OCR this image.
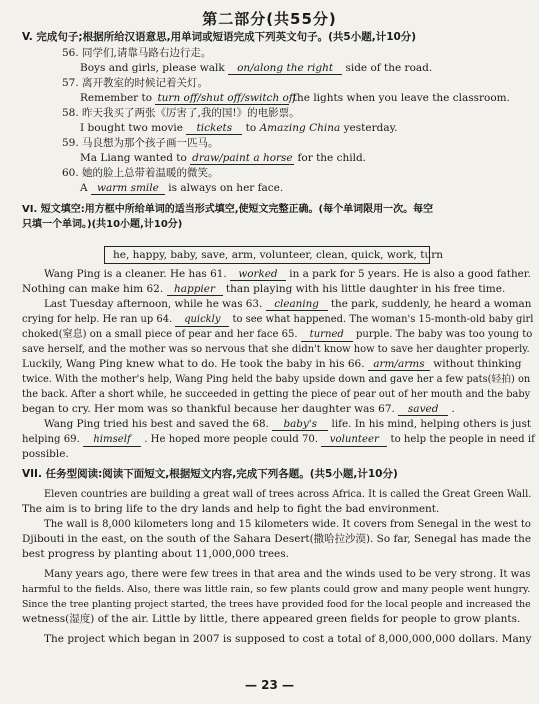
第二部分(共55分)
V. 完成句子;根据所给汉语意思,用单词或短语完成下列英文句子。(共5小题,计10分)
56. 同学们,请靠马路右边行走。
Boys and girls, please walk on/along the right side of the road.
57. 离开教室的时候记着关灯。
Remember to turn off/shut off/switch off the lights when you leave the classroom.
58. 昨天我买了两张《厉害了,我的国!》的电影票。
I bought two movie tickets to Amazing China yesterday.
59. 马良想为那个孩子画一匹马。
Ma Liang wanted to draw/paint a horse for the child.
60. 她的脸上总带着温暖的微笑。
A warm smile is always on her face.
VI. 短文填空:用方框中所给单词的适当形式填空,使短文完整正确。(每个单词限用一次。每空
只填一个单词。)(共10小题,计10分)
he, happy, baby, save, arm, volunteer, clean, quick, work, turn
Wang Ping is a cleaner. He has 61. worked in a park for 5 years. He is also a good father.
Nothing can make him 62. happier than playing with his little daughter in his free time.
Last Tuesday afternoon, while he was 63. cleaning the park, suddenly, he heard a woman
crying for help. He ran up 64. quickly to see what happened. The woman's 15-month-old baby girl
choked(窒息) on a small piece of pear and her face 65. turned purple. The baby was too young to
save herself, and the mother was so nervous that she didn't know how to save her daughter properly.
Luckily, Wang Ping knew what to do. He took the baby in his 66. arm/arms without thinking
twice. With the mother's help, Wang Ping held the baby upside down and gave her a few pats(轻拍) on
the back. After a short while, he succeeded in getting the piece of pear out of her mouth and the baby
began to cry. Her mom was so thankful because her daughter was 67. saved .
Wang Ping tried his best and saved the 68. baby's life. In his mind, helping others is just
helping 69. himself . He hoped more people could 70. volunteer to help the people in need if
possible.
VII. 任务型阅读:阅读下面短文,根据短文内容,完成下列各题。(共5小题,计10分)
Eleven countries are building a great wall of trees across Africa. It is called the Great Green Wall.
The aim is to bring life to the dry lands and help to fight the bad environment.
The wall is 8,000 kilometers long and 15 kilometers wide. It covers from Senegal in the west to
Djibouti in the east, on the south of the Sahara Desert(撒哈拉沙漠). So far, Senegal has made the
best progress by planting about 11,000,000 trees.
Many years ago, there were few trees in that area and the winds used to be very strong. It was
harmful to the fields. Also, there was little rain, so few plants could grow and many people went hungry.
Since the tree planting project started, the trees have provided food for the local people and increased the
wetness(湿度) of the air. Little by little, there appeared green fields for people to grow plants.
The project which began in 2007 is supposed to cost a total of 8,000,000,000 dollars. Many
— 23 —
